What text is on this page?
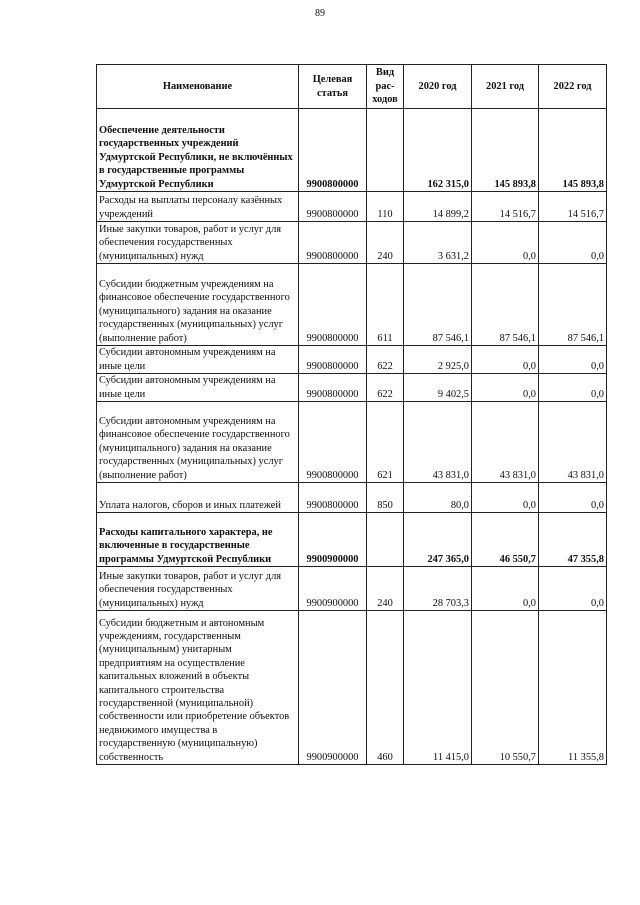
89
Наименование	Целевая статья	Вид рас-ходов	2020 год	2021 год	2022 год
Обеспечение деятельности государственных учреждений Удмуртской Республики, не включённых в государственные программы Удмуртской Республики	9900800000		162 315,0	145 893,8	145 893,8
Расходы на выплаты персоналу казённых учреждений	9900800000	110	14 899,2	14 516,7	14 516,7
Иные закупки товаров, работ и услуг для обеспечения государственных (муниципальных) нужд	9900800000	240	3 631,2	0,0	0,0
Субсидии бюджетным учреждениям на финансовое обеспечение государственного (муниципального) задания на оказание государственных (муниципальных) услуг (выполнение работ)	9900800000	611	87 546,1	87 546,1	87 546,1
Субсидии автономным учреждениям на иные цели	9900800000	622	2 925,0	0,0	0,0
Субсидии автономным учреждениям на иные цели	9900800000	622	9 402,5	0,0	0,0
Субсидии автономным учреждениям на финансовое обеспечение государственного (муниципального) задания на оказание государственных (муниципальных) услуг (выполнение работ)	9900800000	621	43 831,0	43 831,0	43 831,0
Уплата налогов, сборов и иных платежей	9900800000	850	80,0	0,0	0,0
Расходы капитального характера, не включенные в государственные программы Удмуртской Республики	9900900000		247 365,0	46 550,7	47 355,8
Иные закупки товаров, работ и услуг для обеспечения государственных (муниципальных) нужд	9900900000	240	28 703,3	0,0	0,0
Субсидии бюджетным и автономным учреждениям, государственным (муниципальным) унитарным предприятиям на осуществление капитальных вложений в объекты капитального строительства государственной (муниципальной) собственности или приобретение объектов недвижимого имущества в государственную (муниципальную) собственность	9900900000	460	11 415,0	10 550,7	11 355,8
